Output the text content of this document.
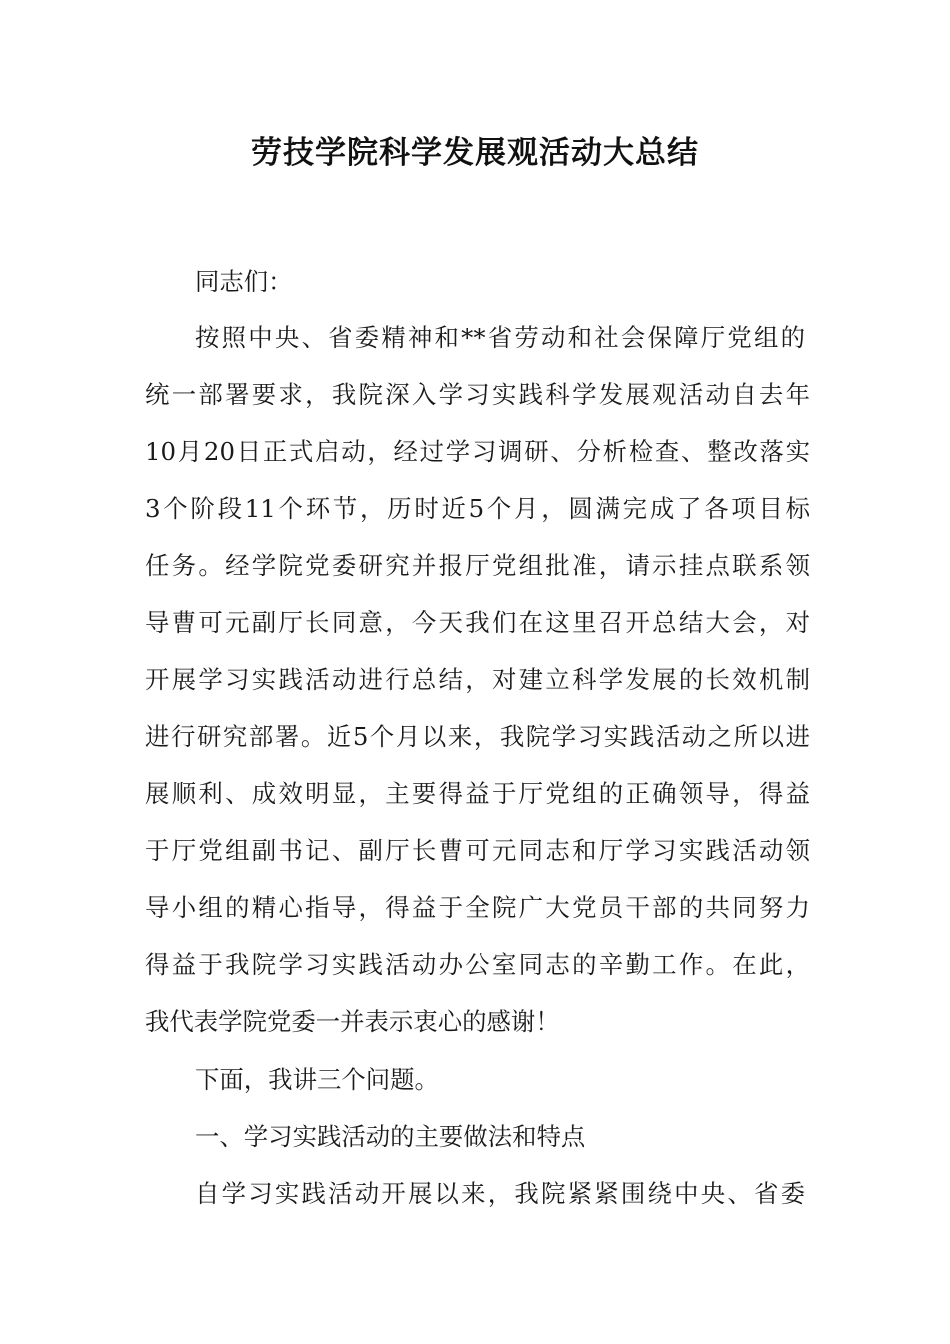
劳技学院科学发展观活动大总结
同志们：
按照中央、省委精神和**省劳动和社会保障厅党组的
统一部署要求，我院深入学习实践科学发展观活动自去年
10月20日正式启动，经过学习调研、分析检查、整改落实
3个阶段11个环节，历时近5个月，圆满完成了各项目标
任务。经学院党委研究并报厅党组批准，请示挂点联系领
导曹可元副厅长同意，今天我们在这里召开总结大会，对
开展学习实践活动进行总结，对建立科学发展的长效机制
进行研究部署。近5个月以来，我院学习实践活动之所以进
展顺利、成效明显，主要得益于厅党组的正确领导，得益
于厅党组副书记、副厅长曹可元同志和厅学习实践活动领
导小组的精心指导，得益于全院广大党员干部的共同努力
得益于我院学习实践活动办公室同志的辛勤工作。在此，
我代表学院党委一并表示衷心的感谢！
下面，我讲三个问题。
一、学习实践活动的主要做法和特点
自学习实践活动开展以来，我院紧紧围绕中央、省委
